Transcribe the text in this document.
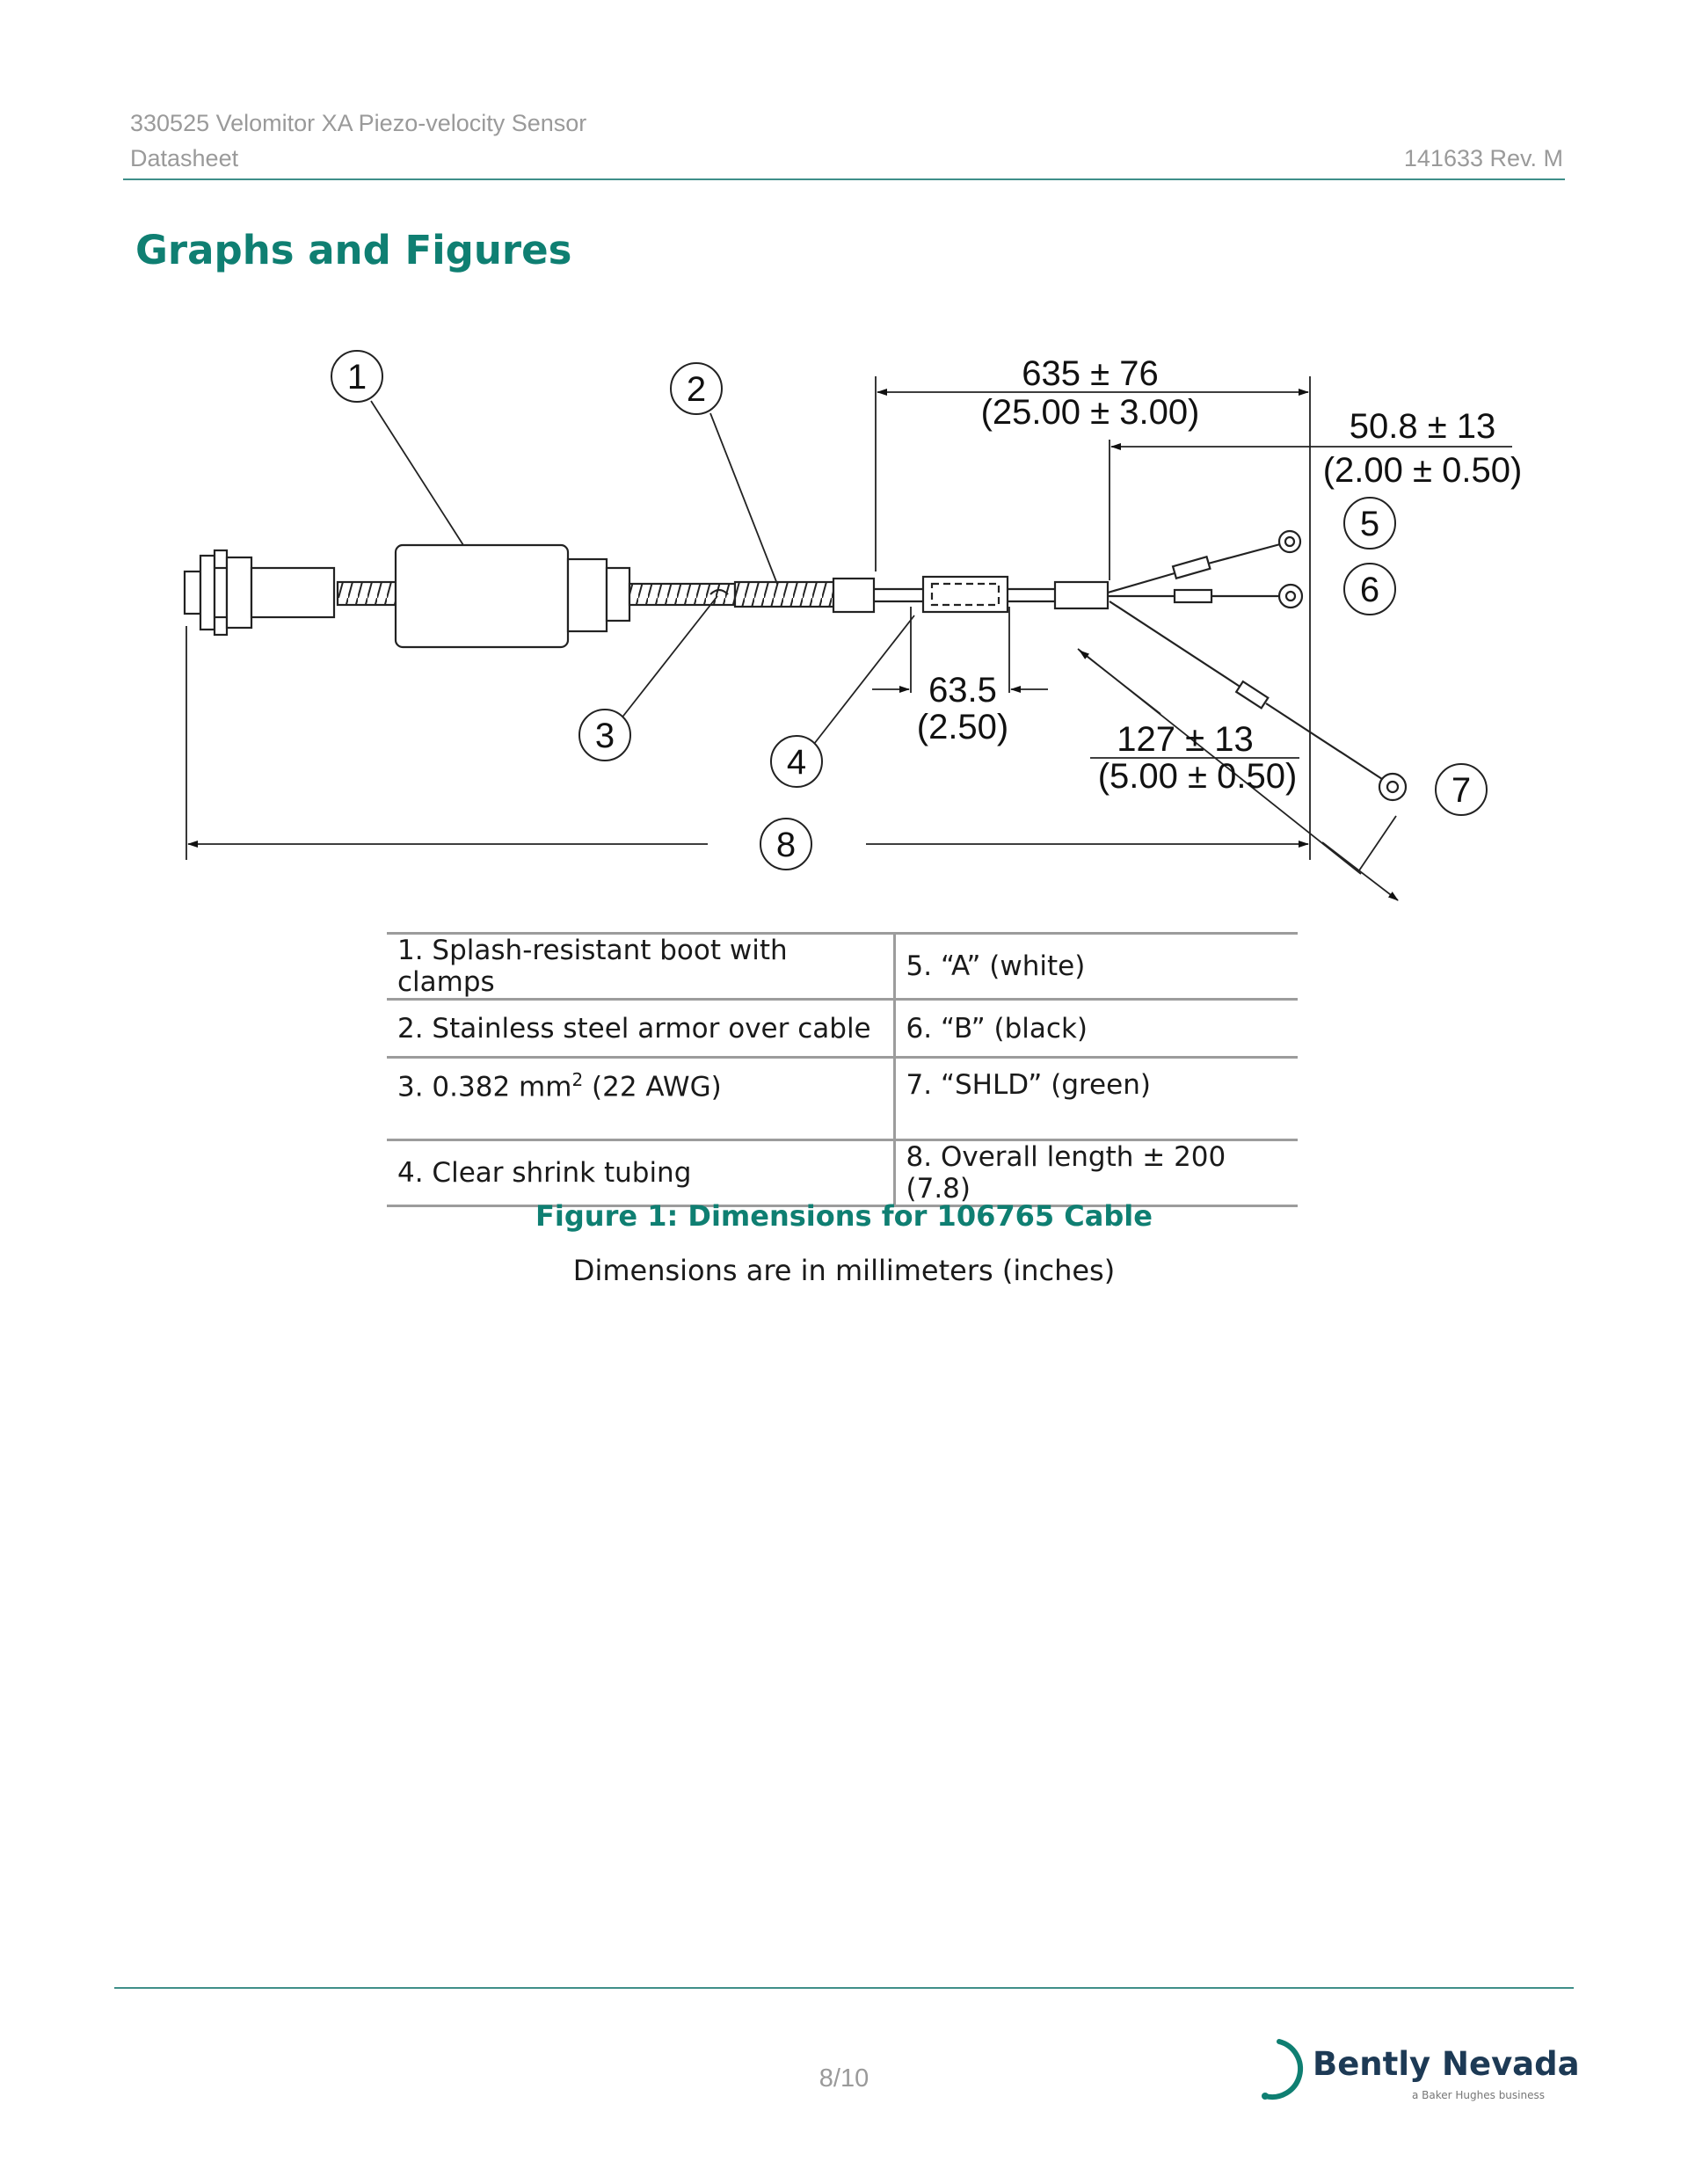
330525 Velomitor XA Piezo-velocity Sensor
Datasheet	141633 Rev. M
Graphs and Figures
1	2
3
4
5
6
7
8
635 ± 76
(25.00 ± 3.00)	50.8 ± 13
(2.00 ± 0.50)
63.5
(2.50)	127 ± 13
(5.00 ± 0.50)
1. Splash-resistant boot with clamps	5. “A” (white)
2. Stainless steel armor over cable	6. “B” (black)
3. 0.382 $mm^2$ (22 AWG)	7. “SHLD” (green)
4. Clear shrink tubing	8. Overall length ± 200 (7.8)
Figure 1: Dimensions for 106765 Cable
Dimensions are in millimeters (inches)
8/10	Bently Nevada
a Baker Hughes business
